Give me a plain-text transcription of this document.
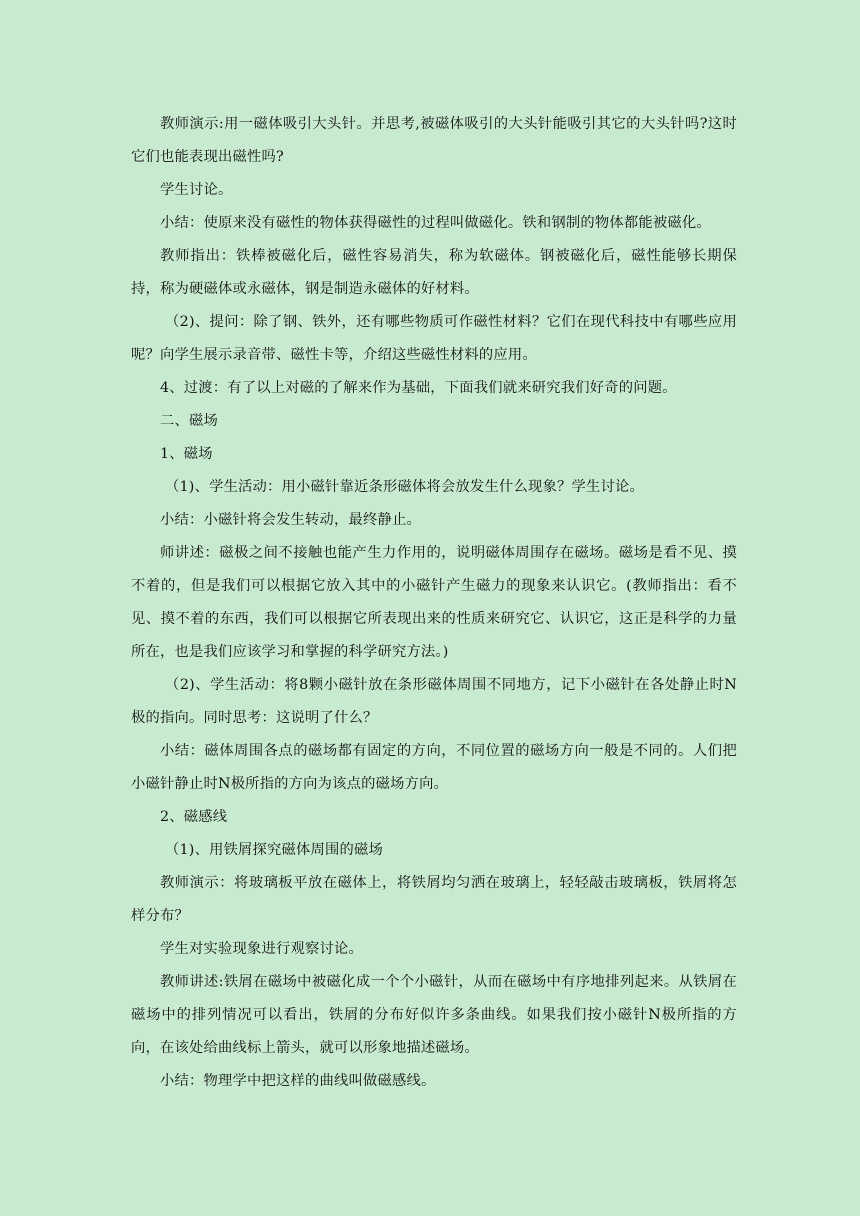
教师演示:用一磁体吸引大头针。并思考,被磁体吸引的大头针能吸引其它的大头针吗?这时它们也能表现出磁性吗?

学生讨论。

小结：使原来没有磁性的物体获得磁性的过程叫做磁化。铁和钢制的物体都能被磁化。

教师指出：铁棒被磁化后，磁性容易消失，称为软磁体。钢被磁化后，磁性能够长期保持，称为硬磁体或永磁体，钢是制造永磁体的好材料。

（2)、提问：除了钢、铁外，还有哪些物质可作磁性材料？它们在现代科技中有哪些应用呢？向学生展示录音带、磁性卡等，介绍这些磁性材料的应用。

4、过渡：有了以上对磁的了解来作为基础，下面我们就来研究我们好奇的问题。

二、磁场

1、磁场

（1)、学生活动：用小磁针靠近条形磁体将会放发生什么现象？学生讨论。

小结：小磁针将会发生转动，最终静止。

师讲述：磁极之间不接触也能产生力作用的，说明磁体周围存在磁场。磁场是看不见、摸不着的，但是我们可以根据它放入其中的小磁针产生磁力的现象来认识它。(教师指出：看不见、摸不着的东西，我们可以根据它所表现出来的性质来研究它、认识它，这正是科学的力量所在，也是我们应该学习和掌握的科学研究方法。)

（2)、学生活动：将8颗小磁针放在条形磁体周围不同地方，记下小磁针在各处静止时N极的指向。同时思考：这说明了什么？

小结：磁体周围各点的磁场都有固定的方向，不同位置的磁场方向一般是不同的。人们把小磁针静止时N极所指的方向为该点的磁场方向。

2、磁感线

（1)、用铁屑探究磁体周围的磁场

教师演示：将玻璃板平放在磁体上，将铁屑均匀洒在玻璃上，轻轻敲击玻璃板，铁屑将怎样分布？

学生对实验现象进行观察讨论。

教师讲述:铁屑在磁场中被磁化成一个个小磁针，从而在磁场中有序地排列起来。从铁屑在磁场中的排列情况可以看出，铁屑的分布好似许多条曲线。如果我们按小磁针N极所指的方向，在该处给曲线标上箭头，就可以形象地描述磁场。

小结：物理学中把这样的曲线叫做磁感线。
